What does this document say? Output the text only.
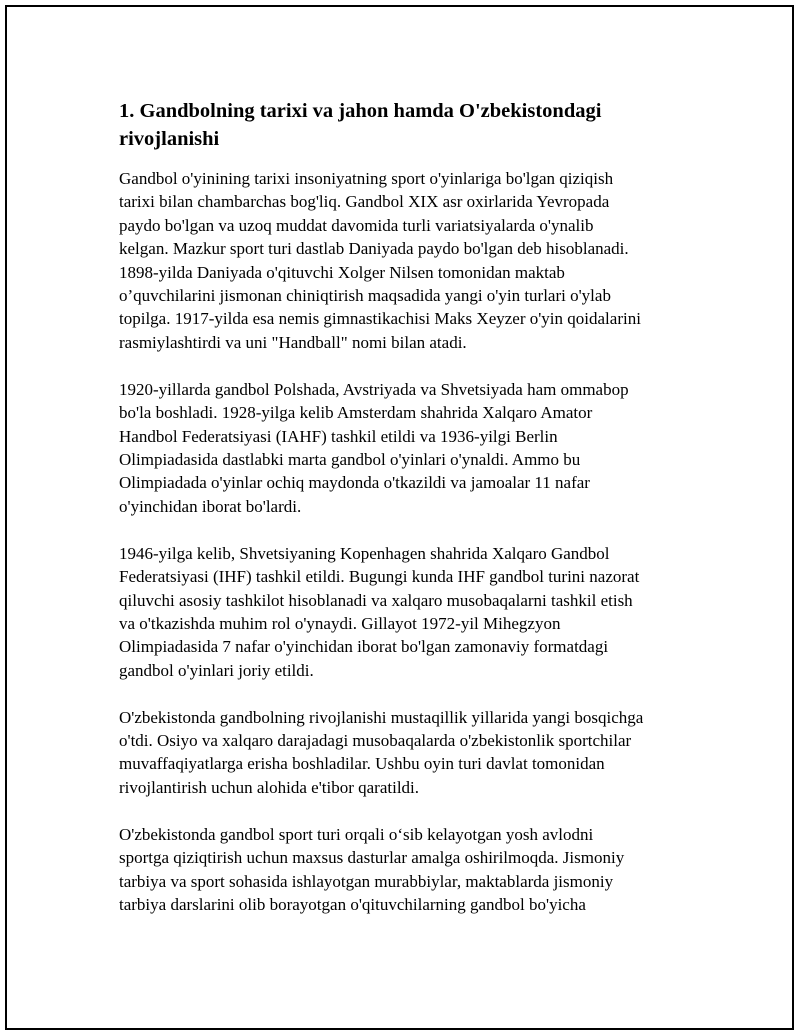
1. Gandbolning tarixi va jahon hamda O'zbekistondagi
rivojlanishi

Gandbol o'yinining tarixi insoniyatning sport o'yinlariga bo'lgan qiziqish
tarixi bilan chambarchas bog'liq. Gandbol XIX asr oxirlarida Yevropada
paydo bo'lgan va uzoq muddat davomida turli variatsiyalarda o'ynalib
kelgan. Mazkur sport turi dastlab Daniyada paydo bo'lgan deb hisoblanadi.
1898-yilda Daniyada o'qituvchi Xolger Nilsen tomonidan maktab
o’quvchilarini jismonan chiniqtirish maqsadida yangi o'yin turlari o'ylab
topilga. 1917-yilda esa nemis gimnastikachisi Maks Xeyzer o'yin qoidalarini
rasmiylashtirdi va uni "Handball" nomi bilan atadi.

1920-yillarda gandbol Polshada, Avstriyada va Shvetsiyada ham ommabop
bo'la boshladi. 1928-yilga kelib Amsterdam shahrida Xalqaro Amator
Handbol Federatsiyasi (IAHF) tashkil etildi va 1936-yilgi Berlin
Olimpiadasida dastlabki marta gandbol o'yinlari o'ynaldi. Ammo bu
Olimpiadada o'yinlar ochiq maydonda o'tkazildi va jamoalar 11 nafar
o'yinchidan iborat bo'lardi.

1946-yilga kelib, Shvetsiyaning Kopenhagen shahrida Xalqaro Gandbol
Federatsiyasi (IHF) tashkil etildi. Bugungi kunda IHF gandbol turini nazorat
qiluvchi asosiy tashkilot hisoblanadi va xalqaro musobaqalarni tashkil etish
va o'tkazishda muhim rol o'ynaydi. Gillayot 1972-yil Mihegzyon
Olimpiadasida 7 nafar o'yinchidan iborat bo'lgan zamonaviy formatdagi
gandbol o'yinlari joriy etildi.

O'zbekistonda gandbolning rivojlanishi mustaqillik yillarida yangi bosqichga
o'tdi. Osiyo va xalqaro darajadagi musobaqalarda o'zbekistonlik sportchilar
muvaffaqiyatlarga erisha boshladilar. Ushbu oyin turi davlat tomonidan
rivojlantirish uchun alohida e'tibor qaratildi.

O'zbekistonda gandbol sport turi orqali o‘sib kelayotgan yosh avlodni
sportga qiziqtirish uchun maxsus dasturlar amalga oshirilmoqda. Jismoniy
tarbiya va sport sohasida ishlayotgan murabbiylar, maktablarda jismoniy
tarbiya darslarini olib borayotgan o'qituvchilarning gandbol bo'yicha
